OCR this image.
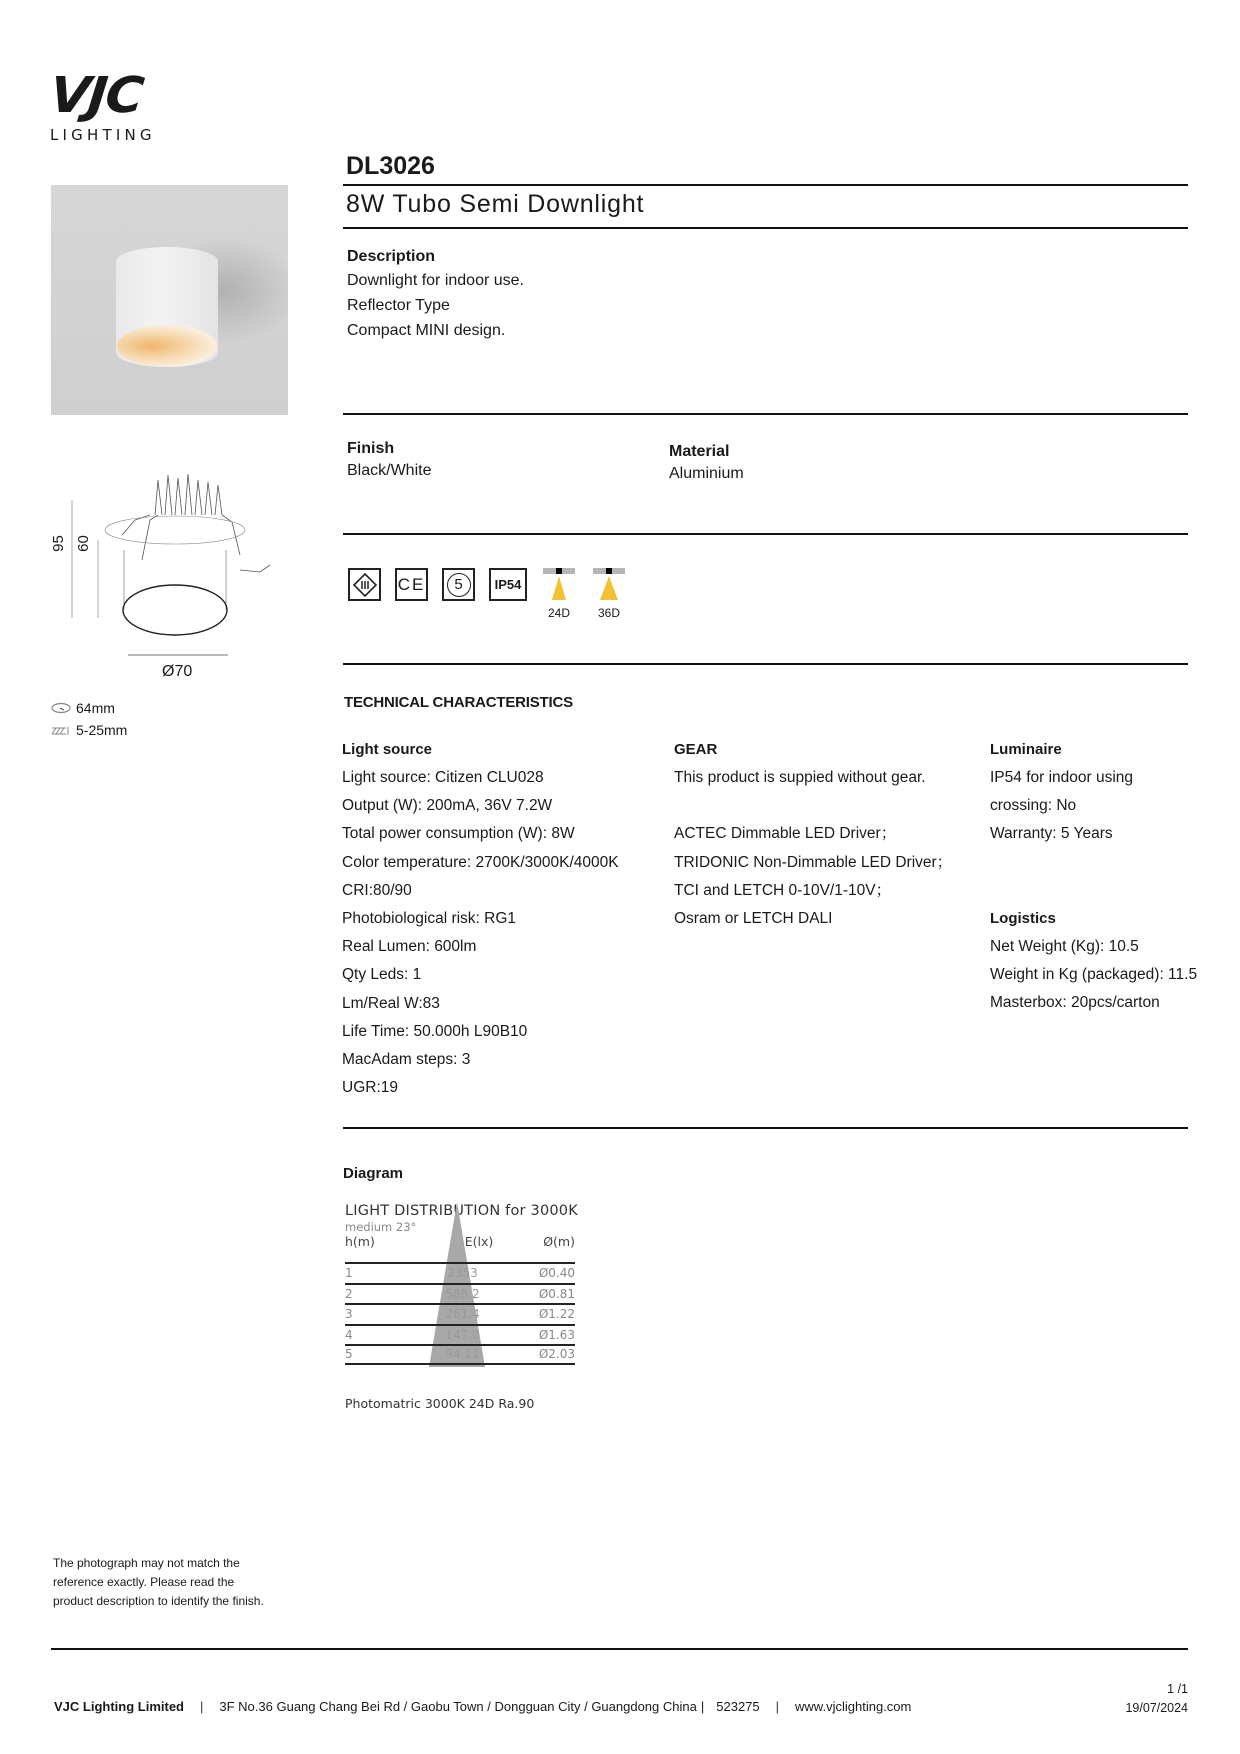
VJC
LIGHTING
95 60
Ø70
64mm
5-25mm
DL3026
8W Tubo Semi Downlight
Description
Downlight for indoor use.
Reflector Type
Compact MINI design.
Finish
Black/White
Material
Aluminium
CE	5	IP54
24D 36D
TECHNICAL CHARACTERISTICS
Light source
Light source: Citizen CLU028
Output (W): 200mA, 36V 7.2W
Total power consumption (W): 8W
Color temperature: 2700K/3000K/4000K
CRI:80/90
Photobiological risk: RG1
Real Lumen: 600lm
Qty Leds: 1
Lm/Real W:83
Life Time: 50.000h L90B10
MacAdam steps: 3
UGR:19
GEAR
This product is suppied without gear.
ACTEC Dimmable LED Driver；
TRIDONIC Non-Dimmable LED Driver；
TCI and LETCH 0-10V/1-10V；
Osram or LETCH DALI
Luminaire
IP54 for indoor using
crossing: No
Warranty: 5 Years
Logistics
Net Weight (Kg): 10.5
Weight in Kg (packaged): 11.5
Masterbox: 20pcs/carton
Diagram
LIGHT DISTRIBUTION for 3000K
medium 23°
h(m)	E(lx)	Ø(m)
1	2353	Ø0.40
2	588.2	Ø0.81
3	261.4	Ø1.22
4	147.0	Ø1.63
5	94.11	Ø2.03
Photomatric 3000K 24D Ra.90
The photograph may not match the
reference exactly. Please read the
product description to identify the finish.
VJC Lighting Limited | 3F No.36 Guang Chang Bei Rd / Gaobu Town / Dongguan City / Guangdong China | 523275 | www.vjclighting.com
1 /1
19/07/2024
